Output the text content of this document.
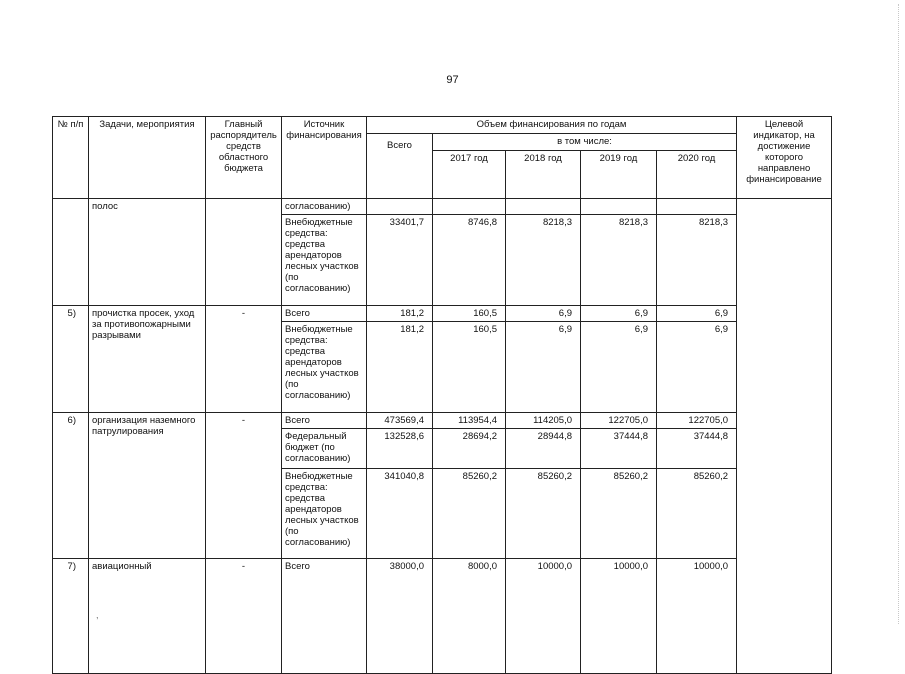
97
,
№ п/п	Задачи, мероприятия	Главный распорядитель средств областного бюджета	Источник финансирования	Объем финансирования по годам					Целевой индикатор, на достижение которого направлено финансирование	
				Всего	в том числе:					
					2017 год	2018 год	2019 год	2020 год		
	полос		согласованию)							
			Внебюджетные средства: средства арендаторов лесных участков (по согласованию)	33401,7	8746,8	8218,3	8218,3	8218,3		
5)	прочистка просек, уход за противопожарными разрывами	-	Всего	181,2	160,5	6,9	6,9	6,9		
			Внебюджетные средства: средства арендаторов лесных участков (по согласованию)	181,2	160,5	6,9	6,9	6,9		
6)	организация наземного патрулирования	-	Всего	473569,4	113954,4	114205,0	122705,0	122705,0		
			Федеральный бюджет (по согласованию)	132528,6	28694,2	28944,8	37444,8	37444,8		
			Внебюджетные средства: средства арендаторов лесных участков (по согласованию)	341040,8	85260,2	85260,2	85260,2	85260,2		
7)	авиационный	-	Всего	38000,0	8000,0	10000,0	10000,0	10000,0	
